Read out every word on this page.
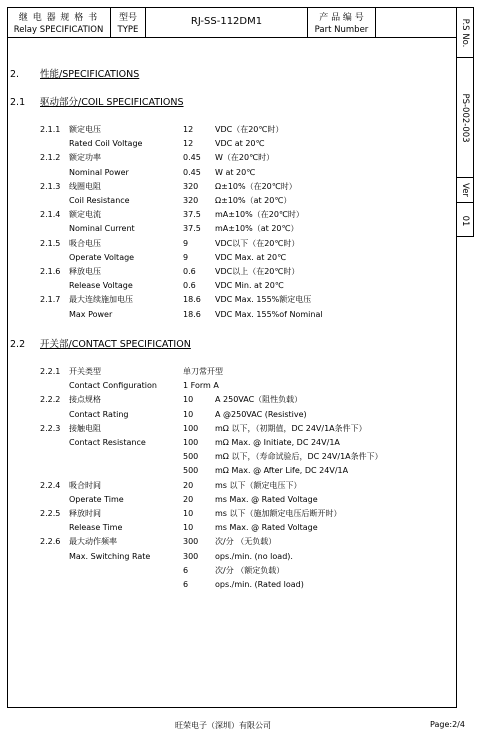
继 电 器 规 格 书
Relay SPECIFICATION
型号
TYPE
RJ-SS-112DM1	产 品 编 号
Part Number	P.S No.
PS-002-003
Ver
01
2. 性能/SPECIFICATIONS
2.1 驱动部分/COIL SPECIFICATIONS
2.2 开关部/CONTACT SPECIFICATION
2.1.1 额定电压	12	VDC（在20℃时）
Rated Coil Voltage	12	VDC at 20℃
2.1.2 额定功率	0.45 W（在20℃时）
Nominal Power	0.45 W at 20℃
2.1.3 线圈电阻	320 Ω±10%（在20℃时）
Coil Resistance	320 Ω±10%（at 20℃）
2.1.4 额定电流	37.5 mA±10%（在20℃时）
Nominal Current	37.5 mA±10%（at 20℃）
2.1.5 吸合电压	9	VDC以下（在20℃时）
Operate Voltage	9	VDC Max. at 20℃
2.1.6 释放电压	0.6 VDC以上（在20℃时）
Release Voltage	0.6 VDC Min. at 20℃
2.1.7 最大连续施加电压	18.6 VDC Max. 155%额定电压
Max Power	18.6 VDC Max. 155%of Nominal
2.2.1 开关类型	单刀常开型
Contact Configuration	1 Form A
2.2.2 接点规格	10	A 250VAC（阻性负载）
Contact Rating	10	A @250VAC (Resistive)
2.2.3 接触电阻	100 mΩ 以下，（初期值，DC 24V/1A条件下）
Contact Resistance	100 mΩ Max. @ Initiate, DC 24V/1A
500 mΩ 以下，（寿命试验后，DC 24V/1A条件下）
500 mΩ Max. @ After Life, DC 24V/1A
2.2.4 吸合时间	20	ms 以下（额定电压下）
Operate Time	20	ms Max. @ Rated Voltage
2.2.5 释放时间	10	ms 以下（施加额定电压后断开时）
Release Time	10	ms Max. @ Rated Voltage
2.2.6 最大动作频率	300 次/分 （无负载）
Max. Switching Rate	300 ops./min. (no load).
6	次/分 （额定负载）
6	ops./min. (Rated load)
旺荣电子（深圳）有限公司	Page:2/4
